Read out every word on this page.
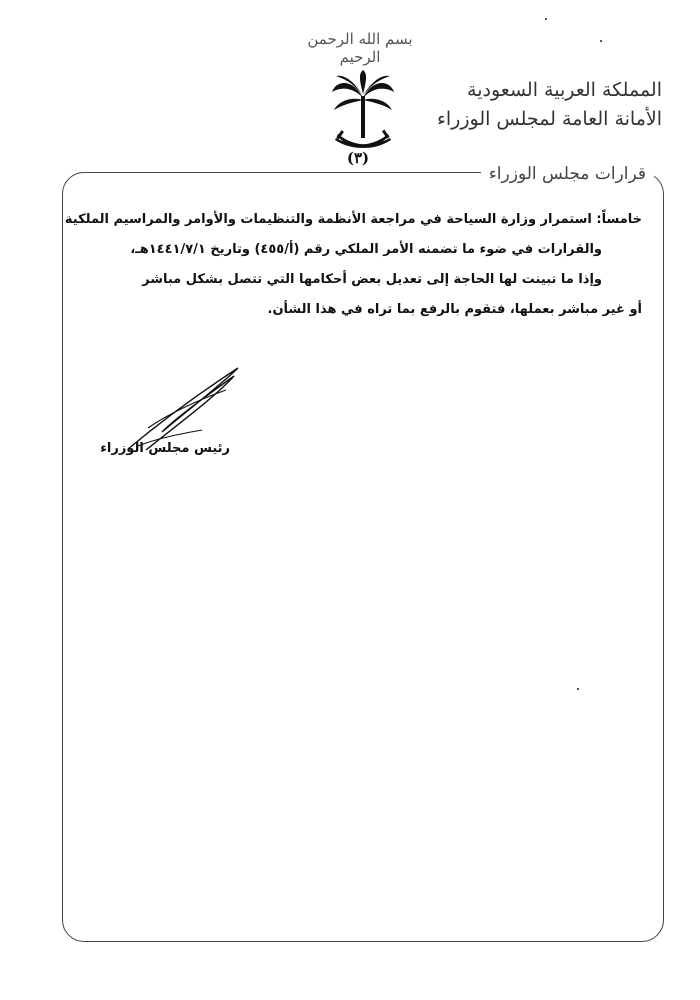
بسم الله الرحمن الرحيم
(٣)
المملكة العربية السعودية
الأمانة العامة لمجلس الوزراء
قرارات مجلس الوزراء
خامساً: استمرار وزارة السياحة في مراجعة الأنظمة والتنظيمات والأوامر والمراسيم الملكية
والقرارات في ضوء ما تضمنه الأمر الملكي رقم (أ/٤٥٥) وتاريخ ١٤٤١/٧/١هـ،
وإذا ما تبينت لها الحاجة إلى تعديل بعض أحكامها التي تتصل بشكل مباشر
أو غير مباشر بعملها، فتقوم بالرفع بما تراه في هذا الشأن.
رئيس مجلس الوزراء
